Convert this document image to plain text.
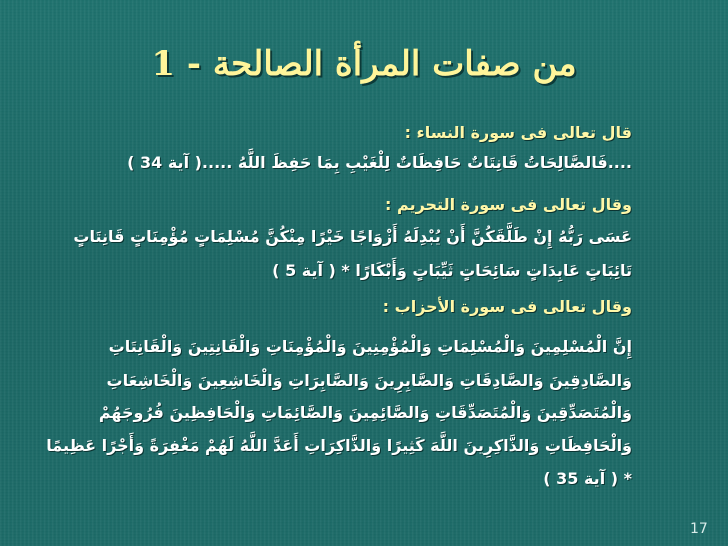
من صفات المرأة الصالحة - 1
قال تعالى فى سورة النساء :
....فَالصَّالِحَاتُ قَانِتَاتٌ حَافِظَاتٌ لِلْغَيْبِ بِمَا حَفِظَ اللَّهُ .....( آية 34 )
وقال تعالى فى سورة التحريم :
عَسَى رَبُّهُ إِنْ طَلَّقَكُنَّ أَنْ يُبْدِلَهُ أَزْوَاجًا خَيْرًا مِنْكُنَّ مُسْلِمَاتٍ مُؤْمِنَاتٍ قَانِتَاتٍ
تَائِبَاتٍ عَابِدَاتٍ سَائِحَاتٍ ثَيِّبَاتٍ وَأَبْكَارًا * ( آية 5 )
وقال تعالى فى سورة الأحزاب :
إِنَّ الْمُسْلِمِينَ وَالْمُسْلِمَاتِ وَالْمُؤْمِنِينَ وَالْمُؤْمِنَاتِ وَالْقَانِتِينَ وَالْقَانِتَاتِ
وَالصَّادِقِينَ وَالصَّادِقَاتِ وَالصَّابِرِينَ وَالصَّابِرَاتِ وَالْخَاشِعِينَ وَالْخَاشِعَاتِ
وَالْمُتَصَدِّقِينَ وَالْمُتَصَدِّقَاتِ وَالصَّائِمِينَ وَالصَّائِمَاتِ وَالْحَافِظِينَ فُرُوجَهُمْ
وَالْحَافِظَاتِ وَالذَّاكِرِينَ اللَّهَ كَثِيرًا وَالذَّاكِرَاتِ أَعَدَّ اللَّهُ لَهُمْ مَغْفِرَةً وَأَجْرًا عَظِيمًا
* ( آية 35 )
17
